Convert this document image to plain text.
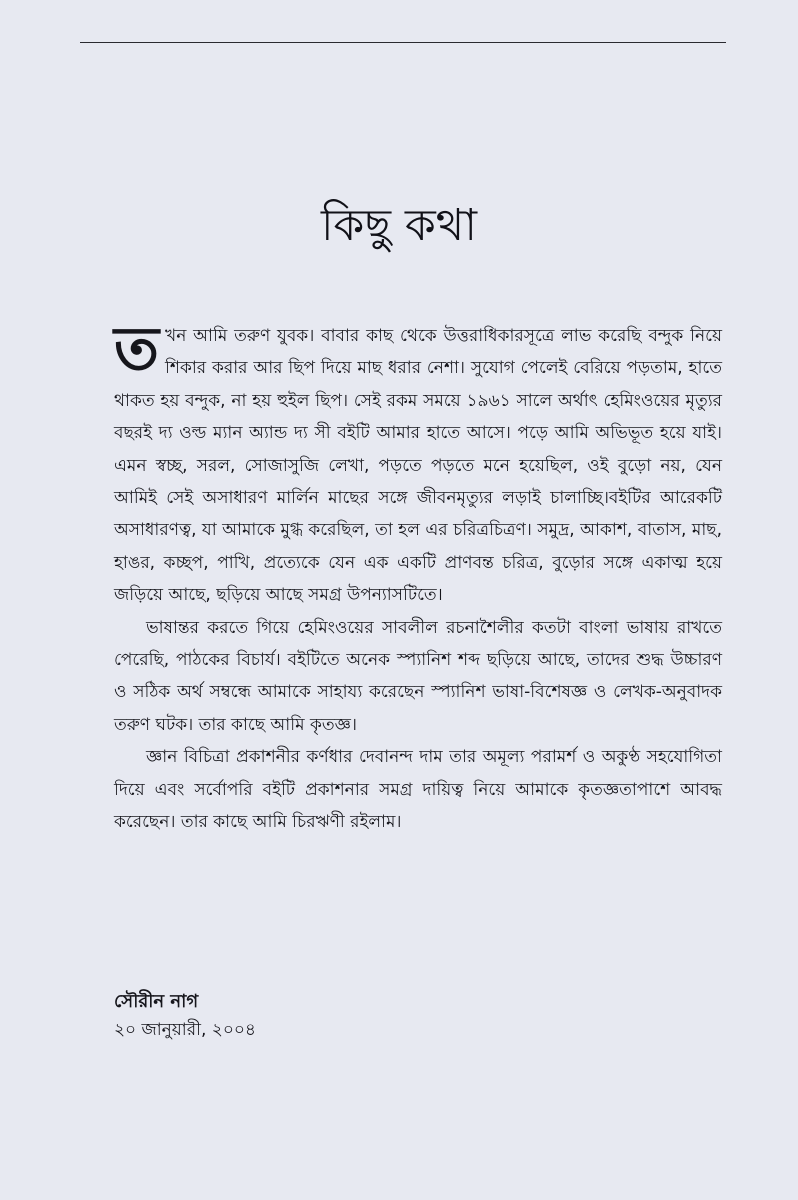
কিছু কথা

তখন আমি তরুণ যুবক। বাবার কাছ থেকে উত্তরাধিকারসূত্রে লাভ করেছি বন্দুক নিয়ে শিকার করার আর ছিপ দিয়ে মাছ ধরার নেশা। সুযোগ পেলেই বেরিয়ে পড়তাম, হাতে থাকত হয় বন্দুক, না হয় হুইল ছিপ। সেই রকম সময়ে ১৯৬১ সালে অর্থাৎ হেমিংওয়ের মৃত্যুর বছরই দ্য ওল্ড ম্যান অ্যান্ড দ্য সী বইটি আমার হাতে আসে। পড়ে আমি অভিভূত হয়ে যাই। এমন স্বচ্ছ, সরল, সোজাসুজি লেখা, পড়তে পড়তে মনে হয়েছিল, ওই বুড়ো নয়, যেন আমিই সেই অসাধারণ মার্লিন মাছের সঙ্গে জীবনমৃত্যুর লড়াই চালাচ্ছি।বইটির আরেকটি অসাধারণত্ব, যা আমাকে মুগ্ধ করেছিল, তা হল এর চরিত্রচিত্রণ। সমুদ্র, আকাশ, বাতাস, মাছ, হাঙর, কচ্ছপ, পাখি, প্রত্যেকে যেন এক একটি প্রাণবন্ত চরিত্র, বুড়োর সঙ্গে একাত্ম হয়ে জড়িয়ে আছে, ছড়িয়ে আছে সমগ্র উপন্যাসটিতে।

ভাষান্তর করতে গিয়ে হেমিংওয়ের সাবলীল রচনাশৈলীর কতটা বাংলা ভাষায় রাখতে পেরেছি, পাঠকের বিচার্য। বইটিতে অনেক স্প্যানিশ শব্দ ছড়িয়ে আছে, তাদের শুদ্ধ উচ্চারণ ও সঠিক অর্থ সম্বন্ধে আমাকে সাহায্য করেছেন স্প্যানিশ ভাষা-বিশেষজ্ঞ ও লেখক-অনুবাদক তরুণ ঘটক। তার কাছে আমি কৃতজ্ঞ।

জ্ঞান বিচিত্রা প্রকাশনীর কর্ণধার দেবানন্দ দাম তার অমূল্য পরামর্শ ও অকুণ্ঠ সহযোগিতা দিয়ে এবং সর্বোপরি বইটি প্রকাশনার সমগ্র দায়িত্ব নিয়ে আমাকে কৃতজ্ঞতাপাশে আবদ্ধ করেছেন। তার কাছে আমি চিরঋণী রইলাম।

সৌরীন নাগ
২০ জানুয়ারী, ২০০৪
